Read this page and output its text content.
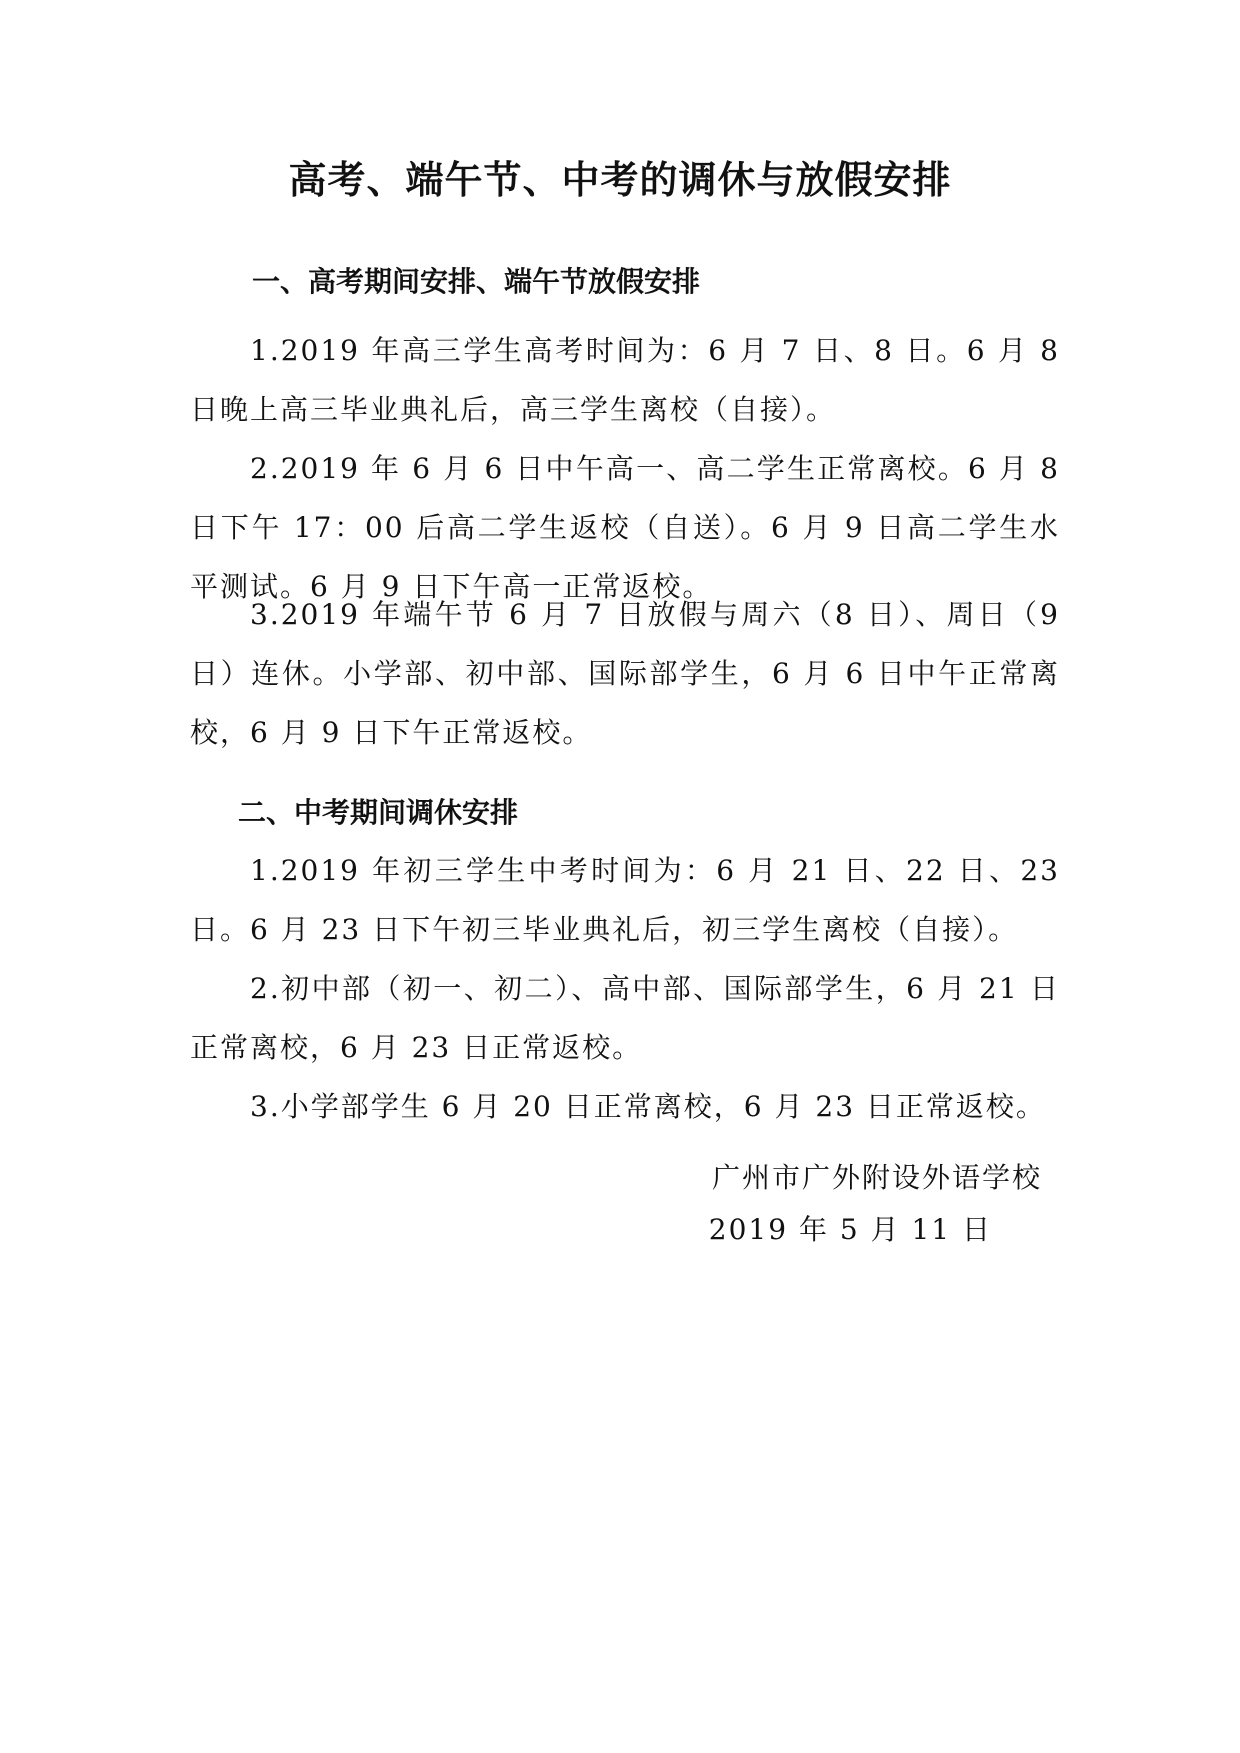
高考、端午节、中考的调休与放假安排
一、高考期间安排、端午节放假安排

1.2019 年高三学生高考时间为：6 月 7 日、8 日。6 月 8 日晚上高三毕业典礼后，高三学生离校（自接）。

2.2019 年 6 月 6 日中午高一、高二学生正常离校。6 月 8 日下午 17：00 后高二学生返校（自送）。6 月 9 日高二学生水平测试。6 月 9 日下午高一正常返校。

3.2019 年端午节 6 月 7 日放假与周六（8 日）、周日（9 日）连休。小学部、初中部、国际部学生，6 月 6 日中午正常离校，6 月 9 日下午正常返校。

二、中考期间调休安排

1.2019 年初三学生中考时间为：6 月 21 日、22 日、23 日。6 月 23 日下午初三毕业典礼后，初三学生离校（自接）。

2.初中部（初一、初二）、高中部、国际部学生，6 月 21 日正常离校，6 月 23 日正常返校。

3.小学部学生 6 月 20 日正常离校，6 月 23 日正常返校。

广州市广外附设外语学校

2019 年 5 月 11 日
